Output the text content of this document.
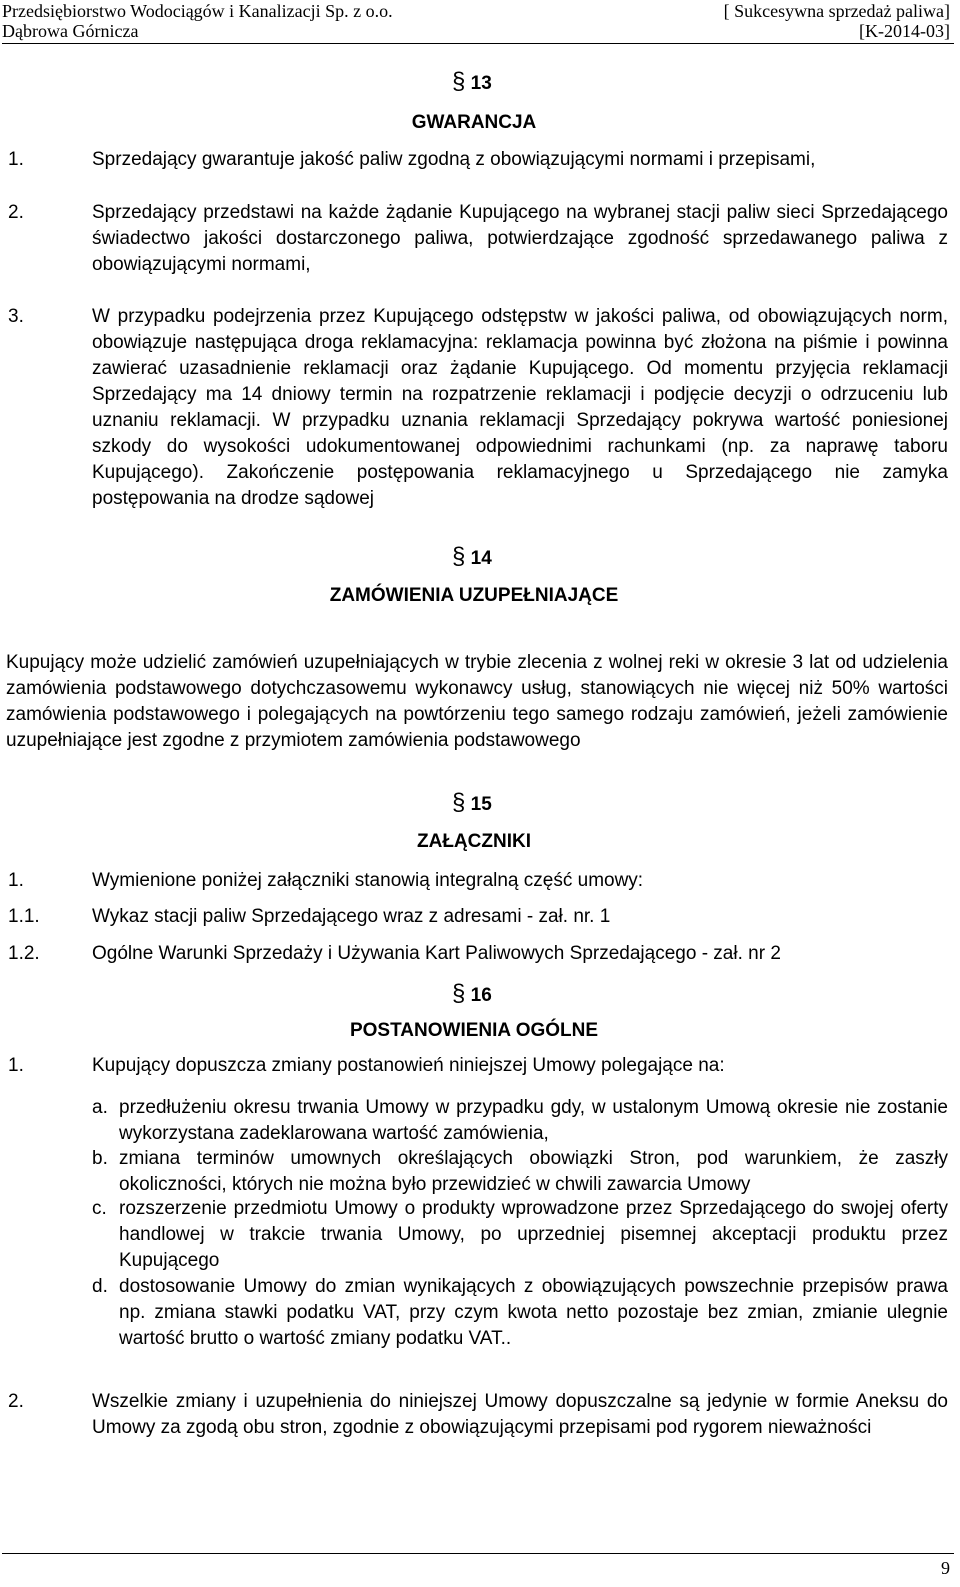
Przedsiębiorstwo Wodociągów i Kanalizacji Sp. z o.o.
Dąbrowa Górnicza
[ Sukcesywna sprzedaż paliwa]
[K-2014-03]
§ 13
GWARANCJA
1.	Sprzedający gwarantuje jakość paliw zgodną z obowiązującymi normami i przepisami,
2.	Sprzedający przedstawi na każde żądanie Kupującego na wybranej stacji paliw sieci Sprzedającego świadectwo jakości dostarczonego paliwa, potwierdzające zgodność sprzedawanego paliwa z obowiązującymi normami,
3.	W przypadku podejrzenia przez Kupującego odstępstw w jakości paliwa, od obowiązujących norm, obowiązuje następująca droga reklamacyjna: reklamacja powinna być złożona na piśmie i powinna zawierać uzasadnienie reklamacji oraz żądanie Kupującego. Od momentu przyjęcia reklamacji Sprzedający ma 14 dniowy termin na rozpatrzenie reklamacji i podjęcie decyzji o odrzuceniu lub uznaniu reklamacji. W przypadku uznania reklamacji Sprzedający pokrywa wartość poniesionej szkody do wysokości udokumentowanej odpowiednimi rachunkami (np. za naprawę taboru Kupującego). Zakończenie postępowania reklamacyjnego u Sprzedającego nie zamyka postępowania na drodze sądowej
§ 14
ZAMÓWIENIA UZUPEŁNIAJĄCE
Kupujący może udzielić zamówień uzupełniających w trybie zlecenia z wolnej reki w okresie 3 lat od udzielenia zamówienia podstawowego dotychczasowemu wykonawcy usług, stanowiących nie więcej niż 50% wartości zamówienia podstawowego i polegających na powtórzeniu tego samego rodzaju zamówień, jeżeli zamówienie uzupełniające jest zgodne z przymiotem zamówienia podstawowego
§ 15
ZAŁĄCZNIKI
1.	Wymienione poniżej załączniki stanowią integralną część umowy:
1.1.	Wykaz stacji paliw Sprzedającego wraz z adresami - zał. nr. 1
1.2.	Ogólne Warunki Sprzedaży i Używania Kart Paliwowych Sprzedającego - zał. nr 2
§ 16
POSTANOWIENIA OGÓLNE
1.	Kupujący dopuszcza zmiany postanowień niniejszej Umowy polegające na:
a. przedłużeniu okresu trwania Umowy w przypadku gdy, w ustalonym Umową okresie nie zostanie wykorzystana zadeklarowana wartość zamówienia,
b. zmiana terminów umownych określających obowiązki Stron, pod warunkiem, że zaszły okoliczności, których nie można było przewidzieć w chwili zawarcia Umowy
c. rozszerzenie przedmiotu Umowy o produkty wprowadzone przez Sprzedającego do swojej oferty handlowej w trakcie trwania Umowy, po uprzedniej pisemnej akceptacji produktu przez Kupującego
d. dostosowanie Umowy do zmian wynikających z obowiązujących powszechnie przepisów prawa np. zmiana stawki podatku VAT, przy czym kwota netto pozostaje bez zmian, zmianie ulegnie wartość brutto o wartość zmiany podatku VAT..
2.	Wszelkie zmiany i uzupełnienia do niniejszej Umowy dopuszczalne są jedynie w formie Aneksu do Umowy za zgodą obu stron, zgodnie z obowiązującymi przepisami pod rygorem nieważności
9
